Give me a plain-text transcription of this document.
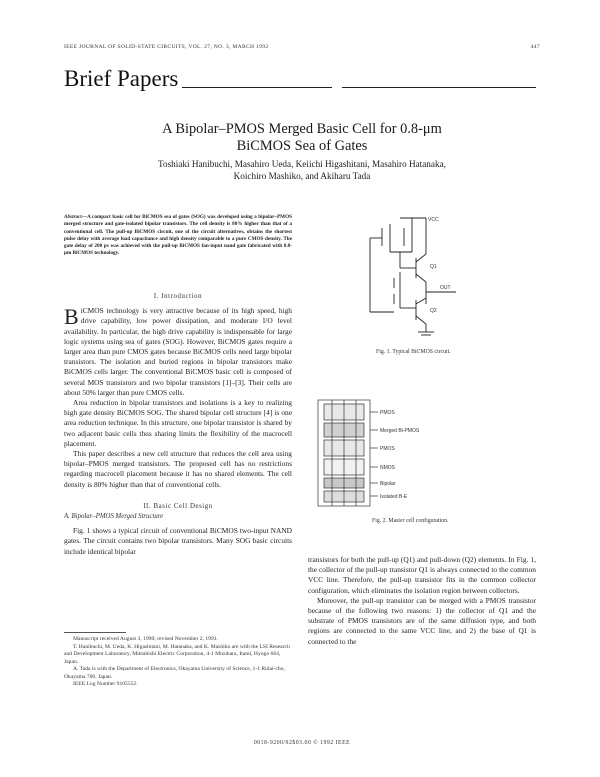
IEEE JOURNAL OF SOLID-STATE CIRCUITS, VOL. 27, NO. 3, MARCH 1992	447
Brief Papers
A Bipolar–PMOS Merged Basic Cell for 0.8-μm
BiCMOS Sea of Gates
Toshiaki Hanibuchi, Masahiro Ueda, Keiichi Higashitani, Masahiro Hatanaka,
Koichiro Mashiko, and Akiharu Tada
Abstract—A compact basic cell for BiCMOS sea of gates (SOG) was developed using a bipolar–PMOS merged structure and gate-isolated bipolar transistors. The cell density is 80% higher than that of a conventional cell. The pull-up BiCMOS circuit, one of the circuit alternatives, obtains the shortest pulse delay with average load capacitance and high density comparable to a pure CMOS density. The gate delay of 200 ps was achieved with the pull-up BiCMOS fan-input nand gate fabricated with 0.8-μm BiCMOS technology.
I. Introduction

BiCMOS technology is very attractive because of its high speed, high drive capability, low power dissipation, and moderate I/O level availability. In particular, the high drive capability is indispensable for large logic systems using sea of gates (SOG). However, BiCMOS gates require a larger area than pure CMOS gates because BiCMOS cells need large bipolar transistors. The isolation and buried regions in bipolar transistors make BiCMOS cells larger. The conventional BiCMOS basic cell is composed of several MOS transistors and two bipolar transistors [1]–[3]. Their cells are about 50% larger than pure CMOS cells.

Area reduction in bipolar transistors and isolations is a key to realizing high gate density BiCMOS SOG. The shared bipolar cell structure [4] is one area reduction technique. In this structure, one bipolar transistor is shared by two adjacent basic cells thus sharing limits the flexibility of the macrocell placement.

This paper describes a new cell structure that reduces the cell area using bipolar–PMOS merged transistors. The proposed cell has no restrictions regarding macrocell placement because it has no shared elements. The cell density is 80% higher than that of conventional cells.

II. Basic Cell Design
A. Bipolar–PMOS Merged Structure

Fig. 1 shows a typical circuit of conventional BiCMOS two-input NAND gates. The circuit contains two bipolar transistors. Many SOG basic circuits include identical bipolar

Manuscript received August 3, 1990; revised November 2, 1991.
T. Hanibuchi, M. Ueda, K. Higashitani, M. Hatanaka, and K. Mashiko are with the LSI Research and Development Laboratory, Mitsubishi Electric Corporation, 4-1 Mizuhara, Itami, Hyogo 664, Japan.
A. Tada is with the Department of Electronics, Okayama University of Science, 1-1 Ridai-cho, Okayama 700, Japan.
IEEE Log Number 9105552.
VCC
Q1
Q2
OUT
Fig. 1. Typical BiCMOS circuit.
PMOS
Merged Bi-PMOS
PMOS
NMOS
Bipolar
Isolated B-E
Fig. 2. Master cell configuration.

transistors for both the pull-up (Q1) and pull-down (Q2) elements. In Fig. 1, the collector of the pull-up transistor Q1 is always connected to the common VCC line. Therefore, the pull-up transistor fits in the common collector configuration, which eliminates the isolation region between collectors.

Moreover, the pull-up transistor can be merged with a PMOS transistor because of the following two reasons: 1) the collector of Q1 and the substrate of PMOS transistors are of the same diffusion type, and both regions are connected to the same VCC line, and 2) the base of Q1 is connected to the

0018-9200/92$03.00 © 1992 IEEE
